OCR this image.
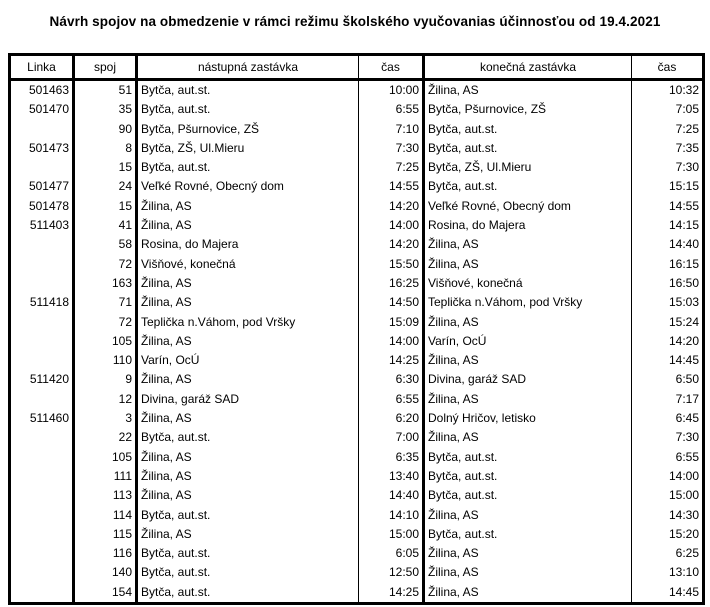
Návrh spojov na obmedzenie v rámci režimu školského vyučovanias účinnosťou od 19.4.2021
Linka	spoj	nástupná zastávka	čas	konečná zastávka	čas
501463	51	Bytča, aut.st.	10:00	Žilina, AS	10:32
501470	35	Bytča, aut.st.	6:55	Bytča, Pšurnovice, ZŠ	7:05
	90	Bytča, Pšurnovice, ZŠ	7:10	Bytča, aut.st.	7:25
501473	8	Bytča, ZŠ, Ul.Mieru	7:30	Bytča, aut.st.	7:35
	15	Bytča, aut.st.	7:25	Bytča, ZŠ, Ul.Mieru	7:30
501477	24	Veľké Rovné, Obecný dom	14:55	Bytča, aut.st.	15:15
501478	15	Žilina, AS	14:20	Veľké Rovné, Obecný dom	14:55
511403	41	Žilina, AS	14:00	Rosina, do Majera	14:15
	58	Rosina, do Majera	14:20	Žilina, AS	14:40
	72	Višňové, konečná	15:50	Žilina, AS	16:15
	163	Žilina, AS	16:25	Višňové, konečná	16:50
511418	71	Žilina, AS	14:50	Teplička n.Váhom, pod Vršky	15:03
	72	Teplička n.Váhom, pod Vršky	15:09	Žilina, AS	15:24
	105	Žilina, AS	14:00	Varín, OcÚ	14:20
	110	Varín, OcÚ	14:25	Žilina, AS	14:45
511420	9	Žilina, AS	6:30	Divina, garáž SAD	6:50
	12	Divina, garáž SAD	6:55	Žilina, AS	7:17
511460	3	Žilina, AS	6:20	Dolný Hričov, letisko	6:45
	22	Bytča, aut.st.	7:00	Žilina, AS	7:30
	105	Žilina, AS	6:35	Bytča, aut.st.	6:55
	111	Žilina, AS	13:40	Bytča, aut.st.	14:00
	113	Žilina, AS	14:40	Bytča, aut.st.	15:00
	114	Bytča, aut.st.	14:10	Žilina, AS	14:30
	115	Žilina, AS	15:00	Bytča, aut.st.	15:20
	116	Bytča, aut.st.	6:05	Žilina, AS	6:25
	140	Bytča, aut.st.	12:50	Žilina, AS	13:10
	154	Bytča, aut.st.	14:25	Žilina, AS	14:45
